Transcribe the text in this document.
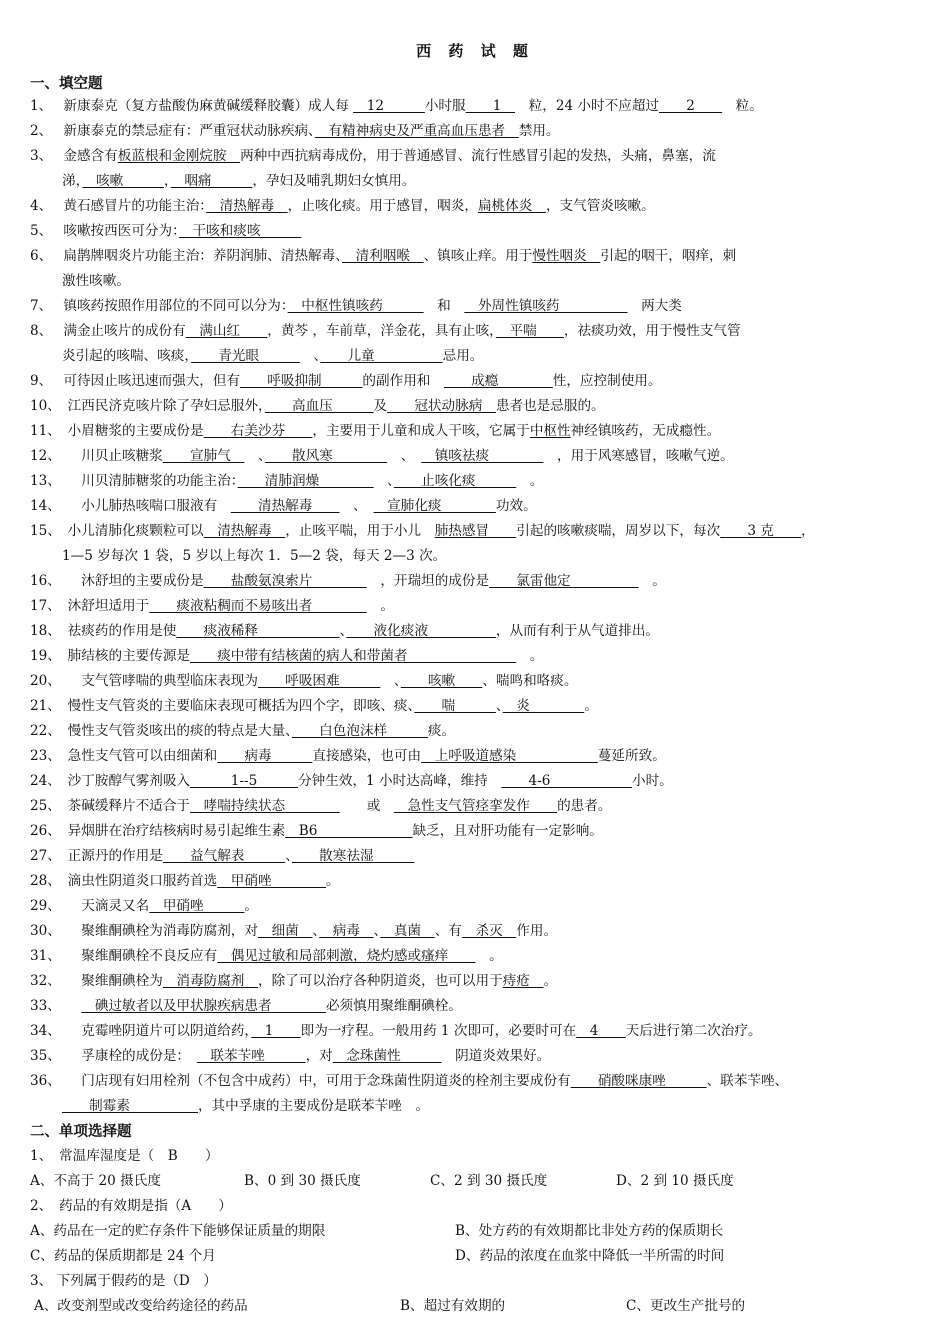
西 药 试 题
一、填空题
1、　 新康泰克（复方盐酸伪麻黄碱缓释胶囊）成人每 　12　　　小时服　　1　　粒，24 小时不应超过　　2　　　粒。
2、　 新康泰克的禁忌症有：严重冠状动脉疾病、　有精神病史及严重高血压患者　禁用。
3、　 金感含有板蓝根和金刚烷胺　两种中西抗病毒成份，用于普通感冒、流行性感冒引起的发热，头痛，鼻塞，流
涕，　咳嗽　　　，　咽痛　　　，孕妇及哺乳期妇女慎用。
4、　 黄石感冒片的功能主治：　清热解毒　，止咳化痰。用于感冒，咽炎，扁桃体炎　，支气管炎咳嗽。
5、　 咳嗽按西医可分为：　干咳和痰咳　　　
6、　 扁鹊牌咽炎片功能主治：养阴润肺、清热解毒、　清利咽喉　、镇咳止痒。用于慢性咽炎　引起的咽干，咽痒，刺
激性咳嗽。
7、　 镇咳药按照作用部位的不同可以分为：　中枢性镇咳药　　　　和　　外周性镇咳药　　　　　　两大类
8、　 满金止咳片的成份有　满山红　　，黄芩 ，车前草，洋金花，具有止咳，　平喘　　，祛痰功效，用于慢性支气管
炎引起的咳喘、咳痰，　　青光眼　　　　、　　儿童　　　　　忌用。
9、　 可待因止咳迅速而强大，但有　　呼吸抑制　　　的副作用和　　　成瘾　　　　性，应控制使用。
10、　江西民济克咳片除了孕妇忌服外，　　高血压　　　及　　冠状动脉病　患者也是忌服的。
11、　小眉糖浆的主要成份是　　右美沙芬　　，主要用于儿童和成人干咳，它属于中枢性神经镇咳药，无成瘾性。
12、　　川贝止咳糖浆　　宣肺气　　、　　散风寒　　　　　、　　镇咳祛痰　　　　　，用于风寒感冒，咳嗽气逆。
13、　　川贝清肺糖浆的功能主治：　　清肺润燥　　　　　、　　止咳化痰　　　　。
14、　　小儿肺热咳喘口服液有　　　清热解毒　　　、　　宣肺化痰　　　　功效。
15、　小儿清肺化痰颗粒可以　清热解毒　，止咳平喘，用于小儿　肺热感冒　　引起的咳嗽痰喘，周岁以下，每次　　3 克　　，
1—5 岁每次 1 袋，5 岁以上每次 1．5—2 袋，每天 2—3 次。
16、　　沐舒坦的主要成份是　　盐酸氨溴索片　　　　　，开瑞坦的成份是　　氯雷他定　　　　　　。
17、　沐舒坦适用于　　痰液粘稠而不易咳出者　　　　　。
18、　祛痰药的作用是使　　痰液稀释　　　　　　、　　液化痰液　　　　　，从而有利于从气道排出。
19、　肺结核的主要传源是　　痰中带有结核菌的病人和带菌者　　　　　　　　　。
20、　　支气管哮喘的典型临床表现为　　呼吸困难　　　　、　　咳嗽　　、喘鸣和咯痰。
21、　慢性支气管炎的主要临床表现可概括为四个字，即咳、痰、　　喘　　　、　炎　　　　。
22、　慢性支气管炎咳出的痰的特点是大量、　　白色泡沫样　　　痰。
23、　急性支气管可以由细菌和　　病毒　　　直接感染，也可由　上呼吸道感染　　　　　　蔓延所致。
24、　沙丁胺醇气雾剂吸入　　　1--5　　　分钟生效，1 小时达高峰，维持　　　4-6　　　　　　小时。
25、　茶碱缓释片不适合于　哮喘持续状态　　　　　　或　　急性支气管痉挛发作　　的患者。
26、　异烟肼在治疗结核病时易引起维生素　B6　　　　　　　缺乏，且对肝功能有一定影响。
27、　正源丹的作用是　　益气解表　　　、　　散寒祛湿　　　
28、　滴虫性阴道炎口服药首选　甲硝唑　　　　。
29、　　天滴灵又名　甲硝唑　　　。
30、　　聚维酮碘栓为消毒防腐剂，对　细菌　、　病毒　、　真菌　、有　杀灭　作用。
31、　　聚维酮碘栓不良反应有　偶见过敏和局部刺激，烧灼感或瘙痒　　　。
32、　　聚维酮碘栓为　消毒防腐剂　，除了可以治疗各种阴道炎，也可以用于痔疮　。
33、　　　碘过敏者以及甲状腺疾病患者　　　　必须慎用聚维酮碘栓。
34、　　克霉唑阴道片可以阴道给药，　1　　即为一疗程。一般用药 1 次即可，必要时可在　4　　天后进行第二次治疗。
35、　　孚康栓的成份是：　　联苯苄唑　　　，对　念珠菌性　　　　阴道炎效果好。
36、　　门店现有妇用栓剂（不包含中成药）中，可用于念珠菌性阴道炎的栓剂主要成份有　　硝酸咪康唑　　　、联苯苄唑、
　　制霉素　　　　　，其中孚康的主要成份是联苯苄唑　。
二、单项选择题
1、　常温库湿度是（　B　　）
A、不高于 20 摄氏度	B、0 到 30 摄氏度	C、2 到 30 摄氏度	D、2 到 10 摄氏度
2、　药品的有效期是指（A　　）
A、药品在一定的贮存条件下能够保证质量的期限	B、处方药的有效期都比非处方药的保质期长
C、药品的保质期都是 24 个月	D、药品的浓度在血浆中降低一半所需的时间
3、 下列属于假药的是（D　）
A、改变剂型或改变给药途径的药品	B、超过有效期的	C、更改生产批号的
